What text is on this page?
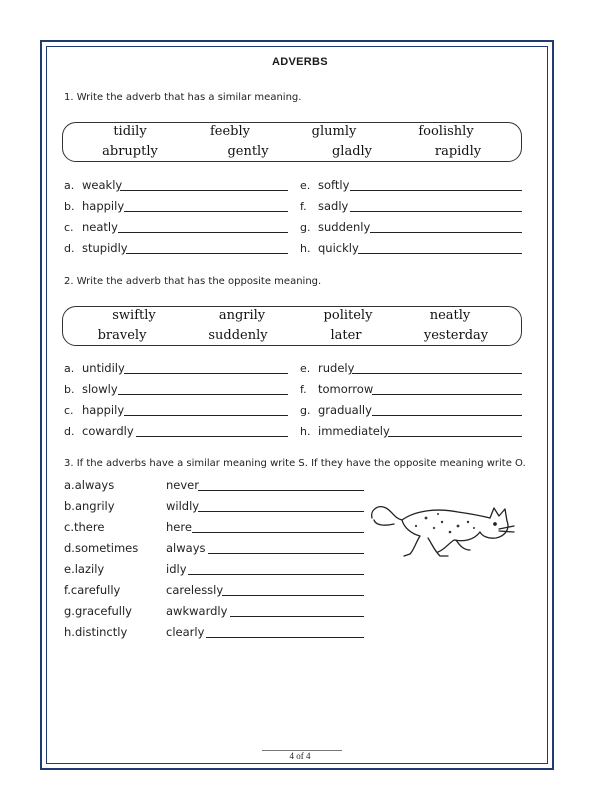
ADVERBS
1. Write the adverb that has a similar meaning.
tidily	feebly	glumly	foolishly
abruptly	gently	gladly	rapidly
a. weakly
b. happily
c. neatly
d. stupidly
e. softly
f. sadly
g. suddenly
h. quickly
2. Write the adverb that has the opposite meaning.
swiftly	angrily	politely	neatly
bravely	suddenly	later	yesterday
a. untidily
b. slowly
c. happily
d. cowardly
e. rudely
f. tomorrow
g. gradually
h. immediately
3. If the adverbs have a similar meaning write S. If they have the opposite meaning write O.
a.always	never
b.angrily	wildly
c.there	here
d.sometimes always
e.lazily	idly
f.carefully	carelessly
g.gracefully	awkwardly
h.distinctly	clearly
4 of 4
